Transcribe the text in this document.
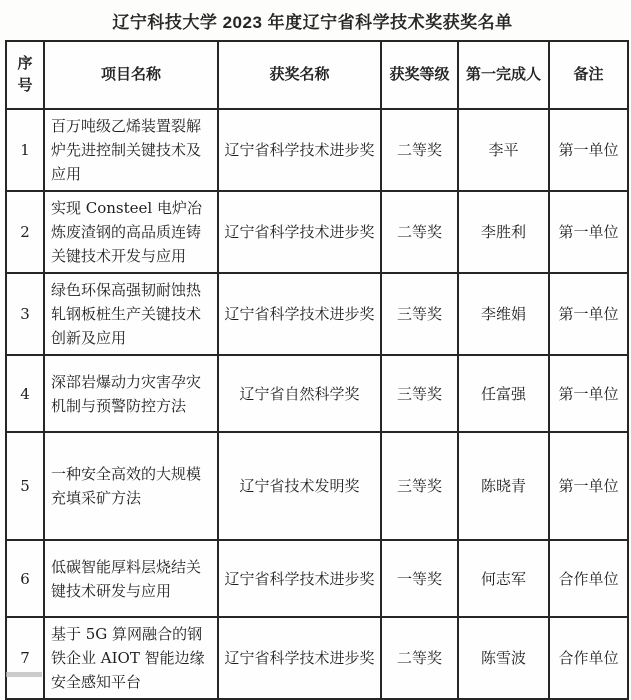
辽宁科技大学 2023 年度辽宁省科学技术奖获奖名单
序号	项目名称	获奖名称	获奖等级	第一完成人	备注
1	百万吨级乙烯装置裂解炉先进控制关键技术及应用	辽宁省科学技术进步奖	二等奖	李平	第一单位
2	实现 Consteel 电炉冶炼废渣钢的高品质连铸关键技术开发与应用	辽宁省科学技术进步奖	二等奖	李胜利	第一单位
3	绿色环保高强韧耐蚀热轧钢板桩生产关键技术创新及应用	辽宁省科学技术进步奖	三等奖	李维娟	第一单位
4	深部岩爆动力灾害孕灾机制与预警防控方法	辽宁省自然科学奖	三等奖	任富强	第一单位
5	一种安全高效的大规模充填采矿方法	辽宁省技术发明奖	三等奖	陈晓青	第一单位
6	低碳智能厚料层烧结关键技术研发与应用	辽宁省科学技术进步奖	一等奖	何志军	合作单位
7	基于 5G 算网融合的钢铁企业 AIOT 智能边缘安全感知平台	辽宁省科学技术进步奖	二等奖	陈雪波	合作单位
